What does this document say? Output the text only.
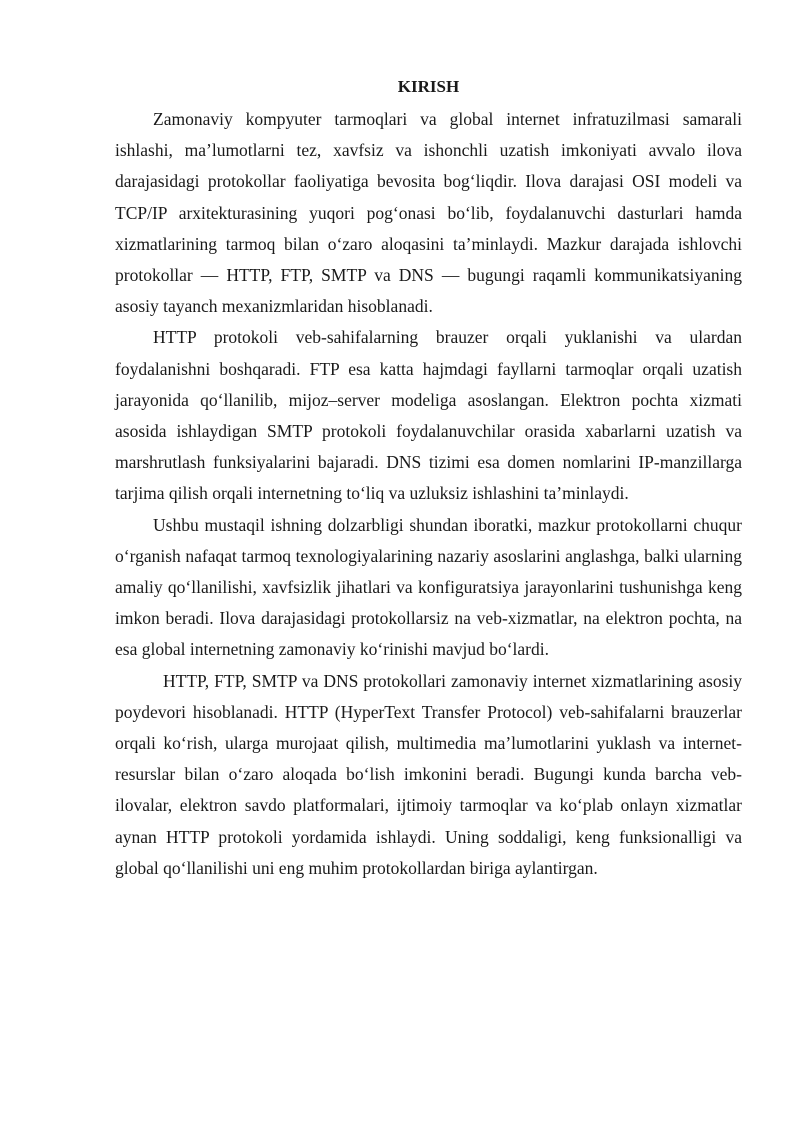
KIRISH

Zamonaviy kompyuter tarmoqlari va global internet infratuzilmasi samarali ishlashi, ma’lumotlarni tez, xavfsiz va ishonchli uzatish imkoniyati avvalo ilova darajasidagi protokollar faoliyatiga bevosita bog‘liqdir. Ilova darajasi OSI modeli va TCP/IP arxitekturasining yuqori pog‘onasi bo‘lib, foydalanuvchi dasturlari hamda xizmatlarining tarmoq bilan o‘zaro aloqasini ta’minlaydi. Mazkur darajada ishlovchi protokollar — HTTP, FTP, SMTP va DNS — bugungi raqamli kommunikatsiyaning asosiy tayanch mexanizmlaridan hisoblanadi.

HTTP protokoli veb-sahifalarning brauzer orqali yuklanishi va ulardan foydalanishni boshqaradi. FTP esa katta hajmdagi fayllarni tarmoqlar orqali uzatish jarayonida qo‘llanilib, mijoz–server modeliga asoslangan. Elektron pochta xizmati asosida ishlaydigan SMTP protokoli foydalanuvchilar orasida xabarlarni uzatish va marshrutlash funksiyalarini bajaradi. DNS tizimi esa domen nomlarini IP-manzillarga tarjima qilish orqali internetning to‘liq va uzluksiz ishlashini ta’minlaydi.

Ushbu mustaqil ishning dolzarbligi shundan iboratki, mazkur protokollarni chuqur o‘rganish nafaqat tarmoq texnologiyalarining nazariy asoslarini anglashga, balki ularning amaliy qo‘llanilishi, xavfsizlik jihatlari va konfiguratsiya jarayonlarini tushunishga keng imkon beradi. Ilova darajasidagi protokollarsiz na veb-xizmatlar, na elektron pochta, na esa global internetning zamonaviy ko‘rinishi mavjud bo‘lardi.

HTTP, FTP, SMTP va DNS protokollari zamonaviy internet xizmatlarining asosiy poydevori hisoblanadi. HTTP (HyperText Transfer Protocol) veb-sahifalarni brauzerlar orqali ko‘rish, ularga murojaat qilish, multimedia ma’lumotlarini yuklash va internet-resurslar bilan o‘zaro aloqada bo‘lish imkonini beradi. Bugungi kunda barcha veb-ilovalar, elektron savdo platformalari, ijtimoiy tarmoqlar va ko‘plab onlayn xizmatlar aynan HTTP protokoli yordamida ishlaydi. Uning soddaligi, keng funksionalligi va global qo‘llanilishi uni eng muhim protokollardan biriga aylantirgan.
